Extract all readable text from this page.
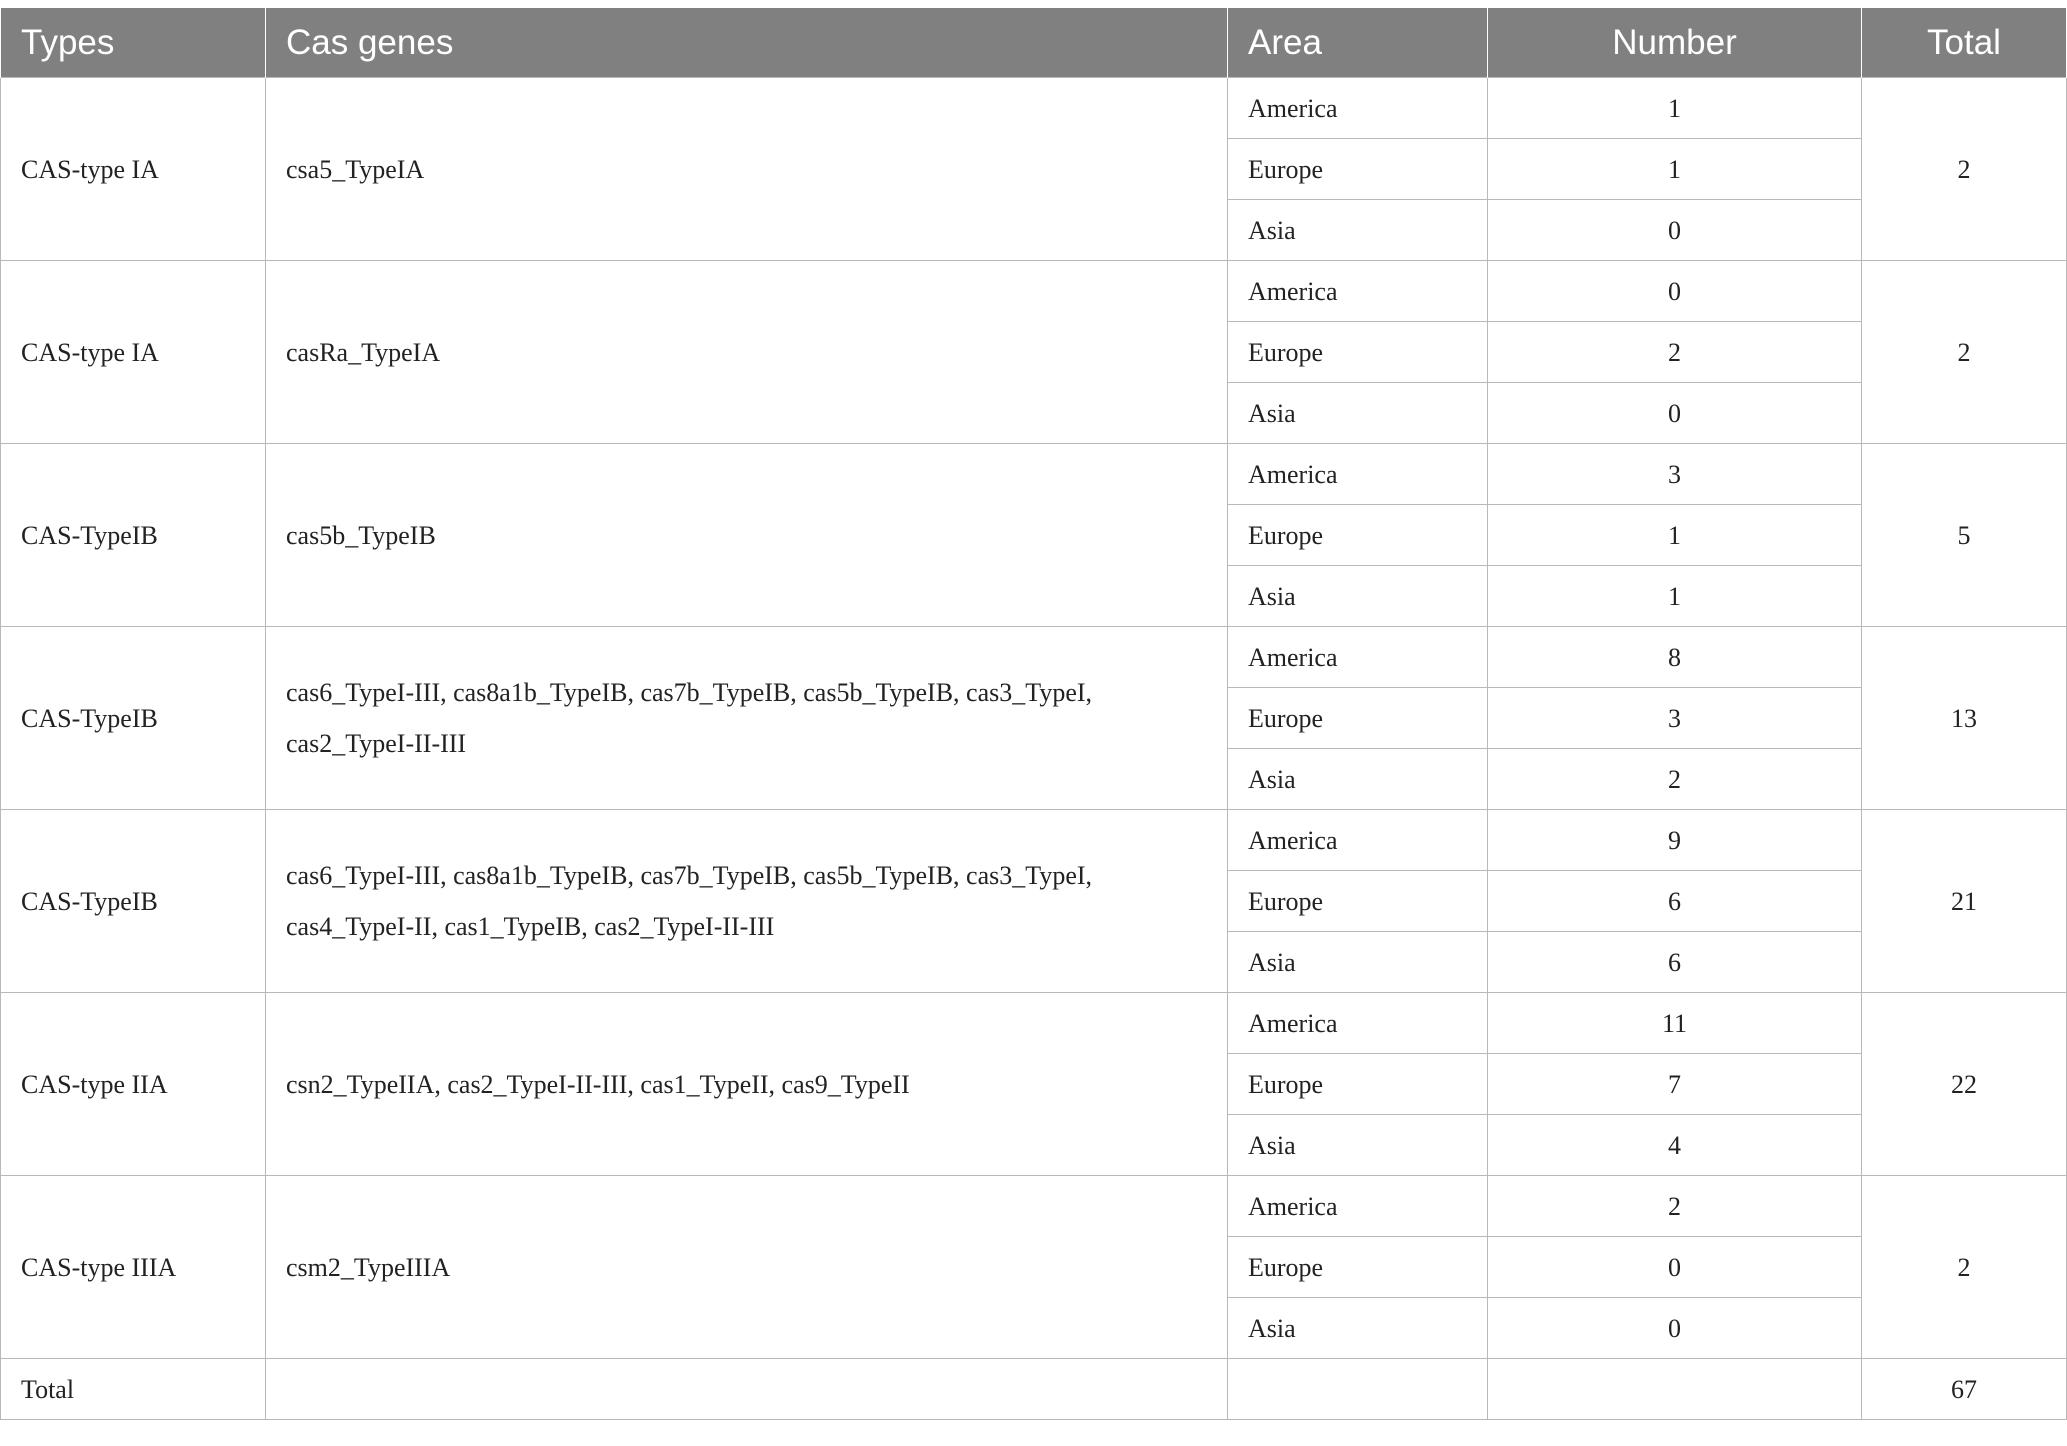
Types	Cas genes	Area	Number	Total
CAS-type IA	csa5_TypeIA	America	1	2
		Europe	1	
		Asia	0	
CAS-type IA	casRa_TypeIA	America	0	2
		Europe	2	
		Asia	0	
CAS-TypeIB	cas5b_TypeIB	America	3	5
		Europe	1	
		Asia	1	
CAS-TypeIB	cas6_TypeI-III, cas8a1b_TypeIB, cas7b_TypeIB, cas5b_TypeIB, cas3_TypeI, cas2_TypeI-II-III	America	8	13
		Europe	3	
		Asia	2	
CAS-TypeIB	cas6_TypeI-III, cas8a1b_TypeIB, cas7b_TypeIB, cas5b_TypeIB, cas3_TypeI, cas4_TypeI-II, cas1_TypeIB, cas2_TypeI-II-III	America	9	21
		Europe	6	
		Asia	6	
CAS-type IIA	csn2_TypeIIA, cas2_TypeI-II-III, cas1_TypeII, cas9_TypeII	America	11	22
		Europe	7	
		Asia	4	
CAS-type IIIA	csm2_TypeIIIA	America	2	2
		Europe	0	
		Asia	0	
Total				67
